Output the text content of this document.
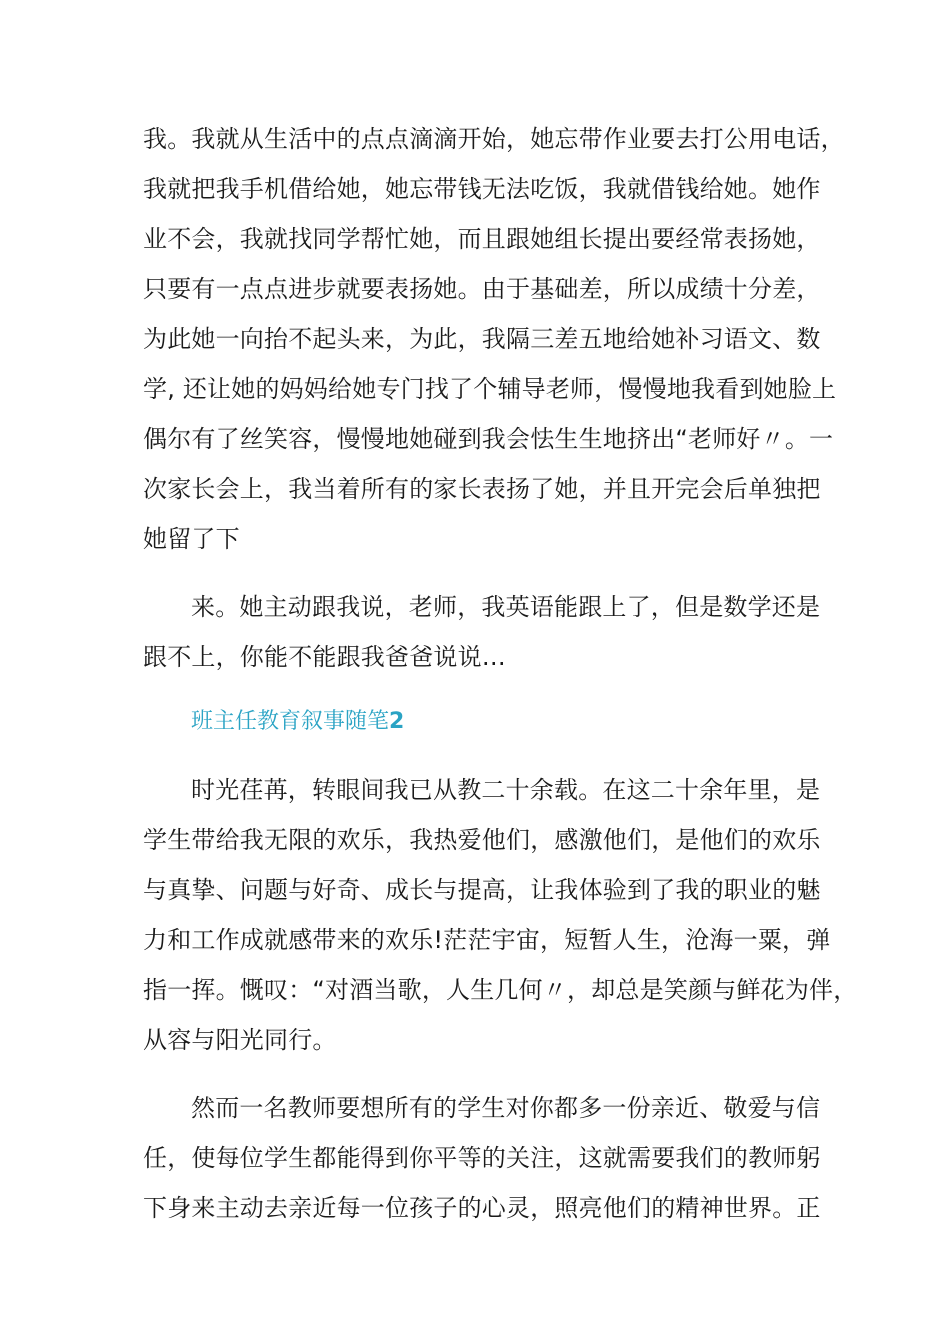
我。我就从生活中的点点滴滴开始，她忘带作业要去打公用电话，
我就把我手机借给她，她忘带钱无法吃饭，我就借钱给她。她作
业不会，我就找同学帮忙她，而且跟她组长提出要经常表扬她，
只要有一点点进步就要表扬她。由于基础差，所以成绩十分差，
为此她一向抬不起头来，为此，我隔三差五地给她补习语文、数
学, 还让她的妈妈给她专门找了个辅导老师，慢慢地我看到她脸上
偶尔有了丝笑容，慢慢地她碰到我会怯生生地挤出“老师好〃。一
次家长会上，我当着所有的家长表扬了她，并且开完会后单独把
她留了下
来。她主动跟我说，老师，我英语能跟上了，但是数学还是
跟不上，你能不能跟我爸爸说说…
班主任教育叙事随笔2
时光荏苒，转眼间我已从教二十余载。在这二十余年里，是
学生带给我无限的欢乐，我热爱他们，感激他们，是他们的欢乐
与真挚、问题与好奇、成长与提高，让我体验到了我的职业的魅
力和工作成就感带来的欢乐!茫茫宇宙，短暂人生，沧海一粟，弹
指一挥。慨叹：“对酒当歌，人生几何〃，却总是笑颜与鲜花为伴，
从容与阳光同行。
然而一名教师要想所有的学生对你都多一份亲近、敬爱与信
任，使每位学生都能得到你平等的关注，这就需要我们的教师躬
下身来主动去亲近每一位孩子的心灵，照亮他们的精神世界。正
